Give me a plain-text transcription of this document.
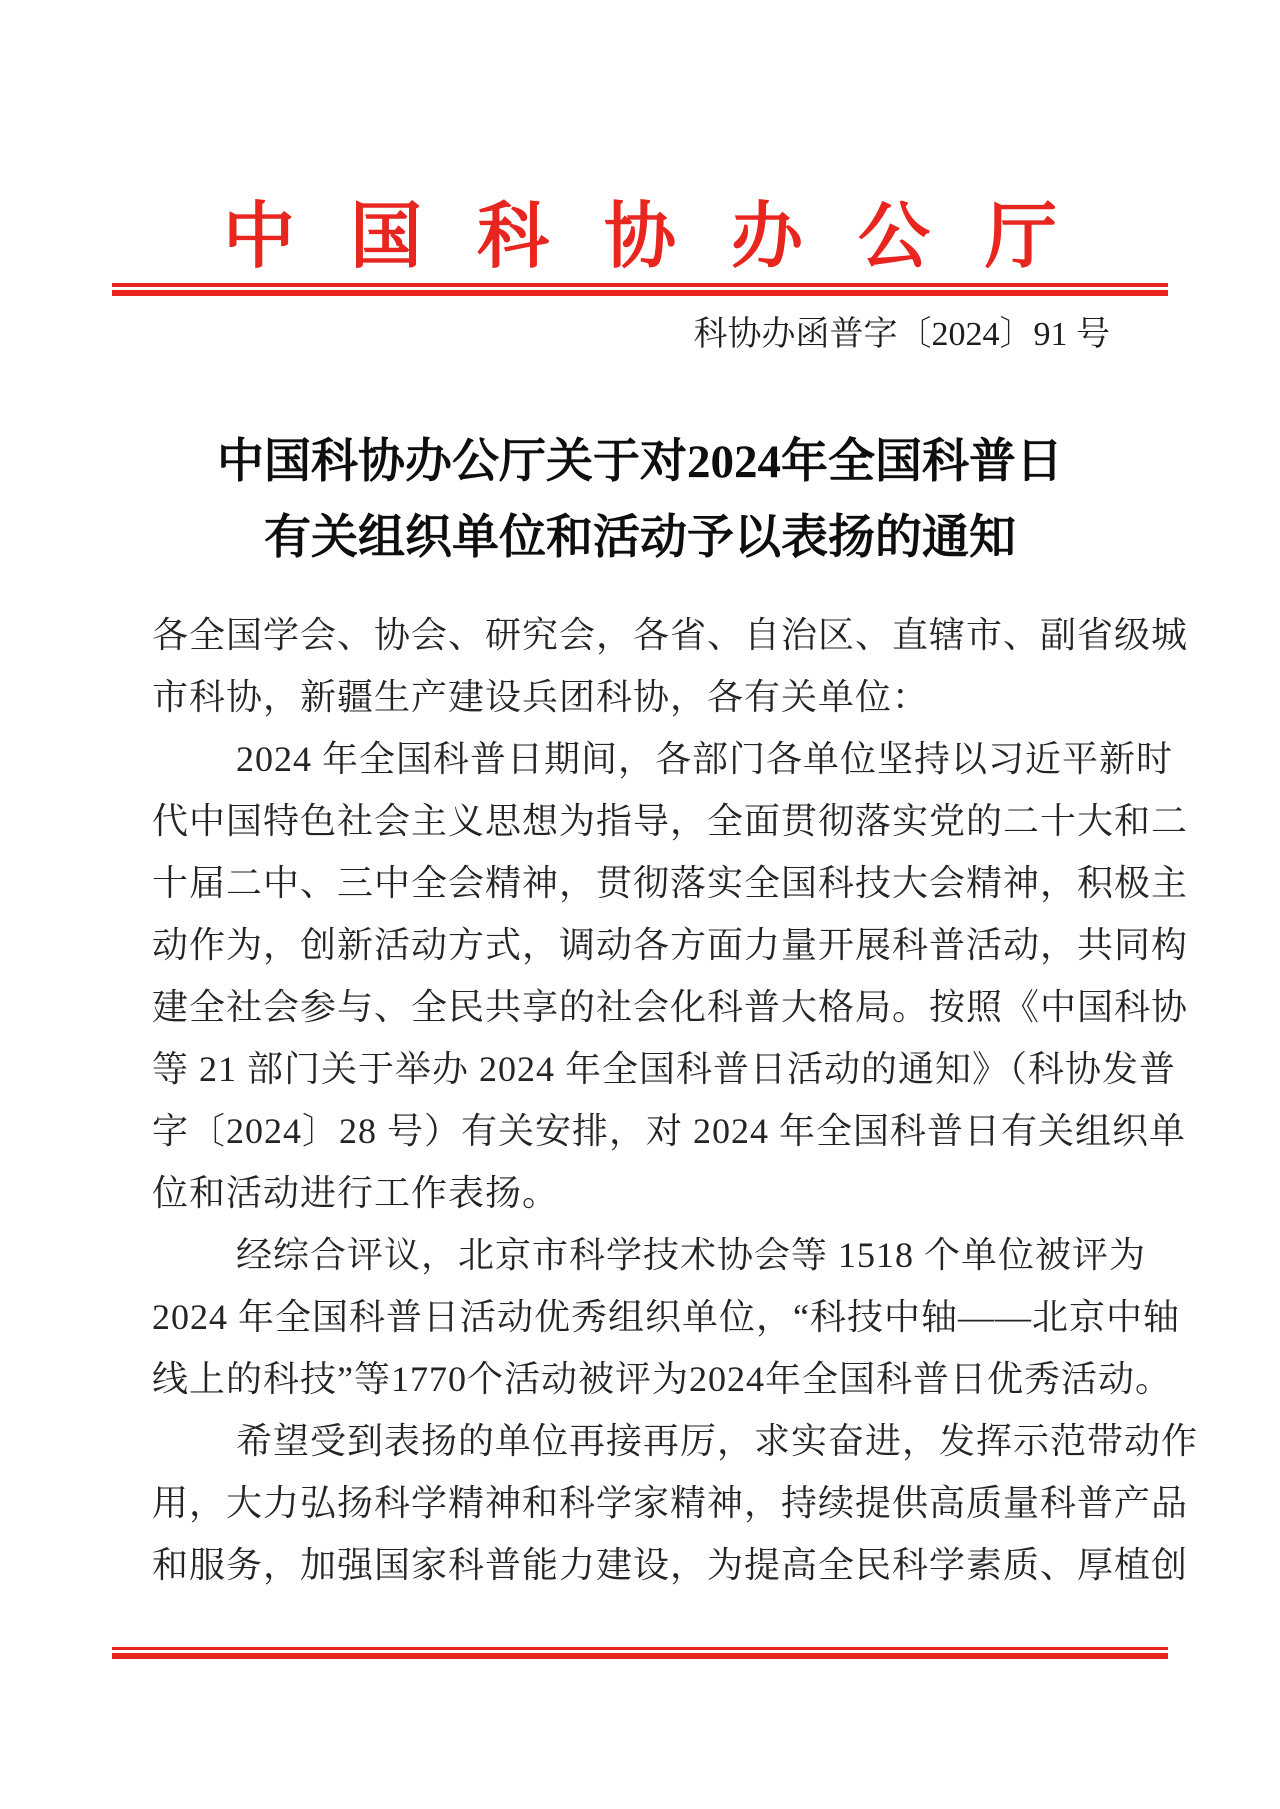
中国科协办公厅
科协办函普字〔2024〕91 号
中国科协办公厅关于对2024年全国科普日
有关组织单位和活动予以表扬的通知
各全国学会、协会、研究会，各省、自治区、直辖市、副省级城
市科协，新疆生产建设兵团科协，各有关单位：
2024 年全国科普日期间，各部门各单位坚持以习近平新时
代中国特色社会主义思想为指导，全面贯彻落实党的二十大和二
十届二中、三中全会精神，贯彻落实全国科技大会精神，积极主
动作为，创新活动方式，调动各方面力量开展科普活动，共同构
建全社会参与、全民共享的社会化科普大格局。按照《中国科协
等 21 部门关于举办 2024 年全国科普日活动的通知》（科协发普
字〔2024〕28 号）有关安排，对 2024 年全国科普日有关组织单
位和活动进行工作表扬。
经综合评议，北京市科学技术协会等 1518 个单位被评为
2024 年全国科普日活动优秀组织单位，“科技中轴——北京中轴
线上的科技”等1770个活动被评为2024年全国科普日优秀活动。
希望受到表扬的单位再接再厉，求实奋进，发挥示范带动作
用，大力弘扬科学精神和科学家精神，持续提供高质量科普产品
和服务，加强国家科普能力建设，为提高全民科学素质、厚植创
